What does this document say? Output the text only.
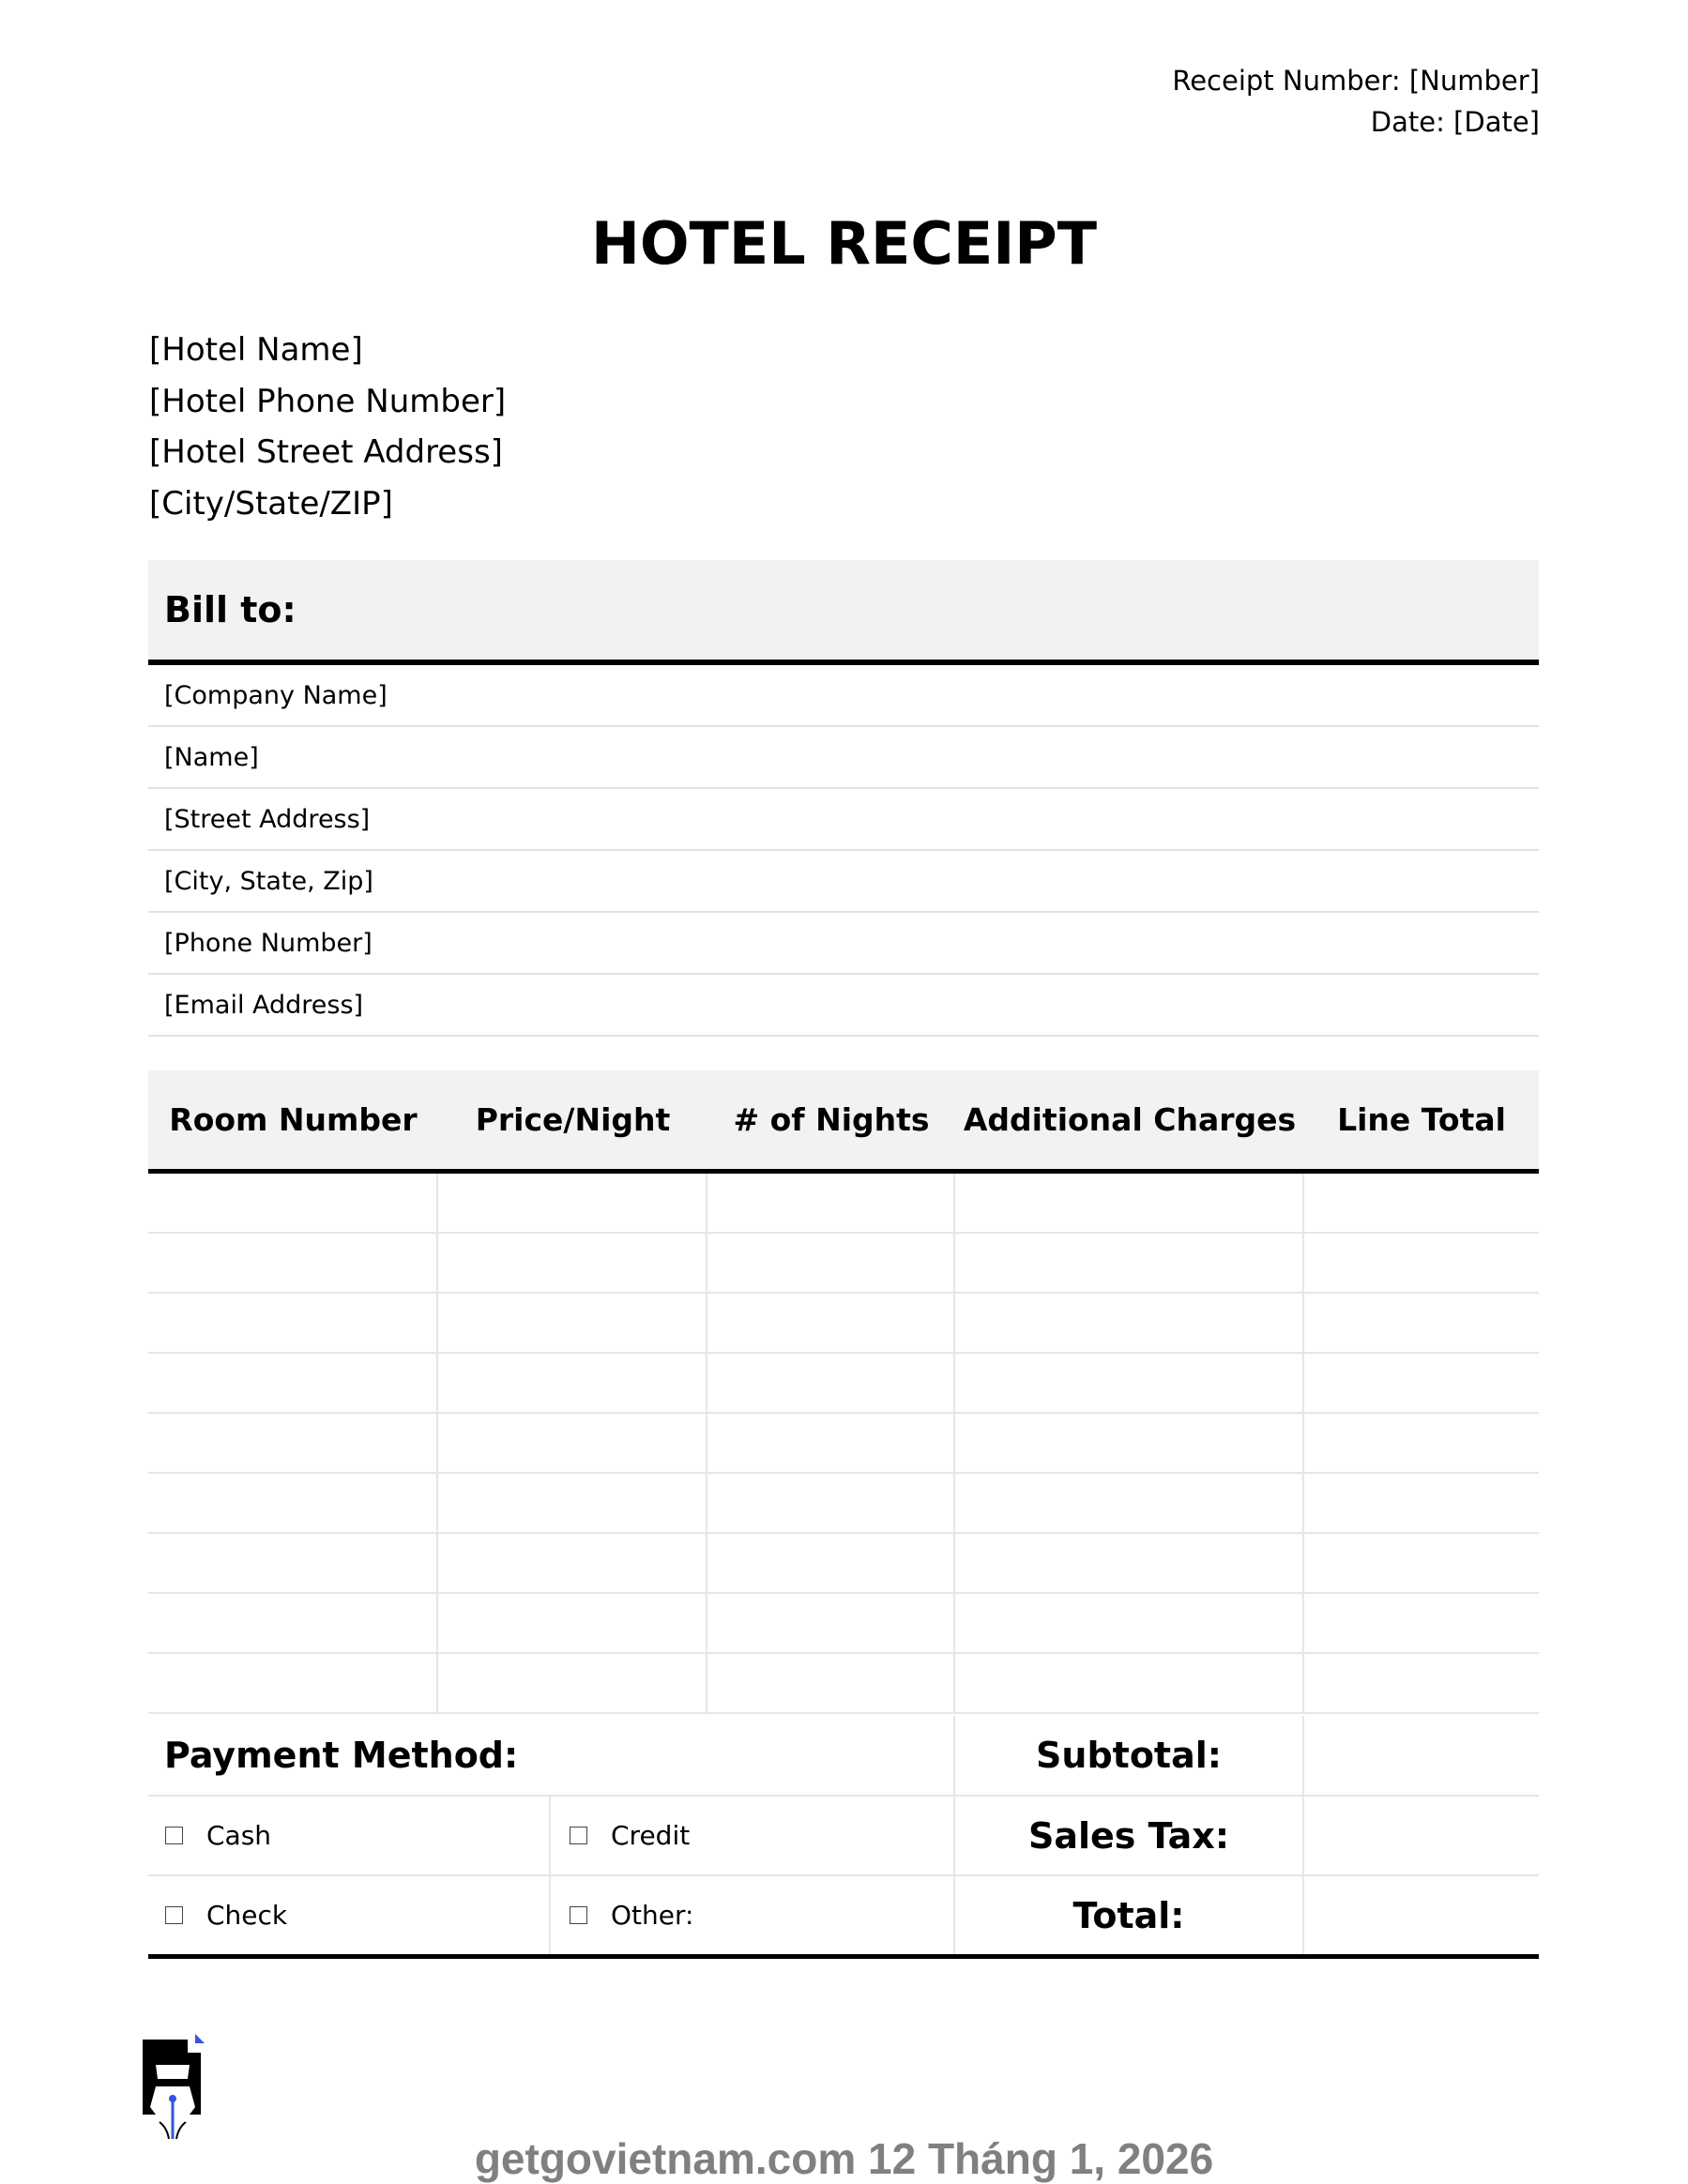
Receipt Number: [Number]
Date: [Date]
HOTEL RECEIPT
[Hotel Name]
[Hotel Phone Number]
[Hotel Street Address]
[City/State/ZIP]
Bill to:
[Company Name]
[Name]
[Street Address]
[City, State, Zip]
[Phone Number]
[Email Address]
Room Number	Price/Night	# of Nights	Additional Charges	Line Total
Payment Method:	Subtotal:
Cash	Credit	Sales Tax:
Check	Other:	Total:
getgovietnam.com 12 Tháng 1, 2026
